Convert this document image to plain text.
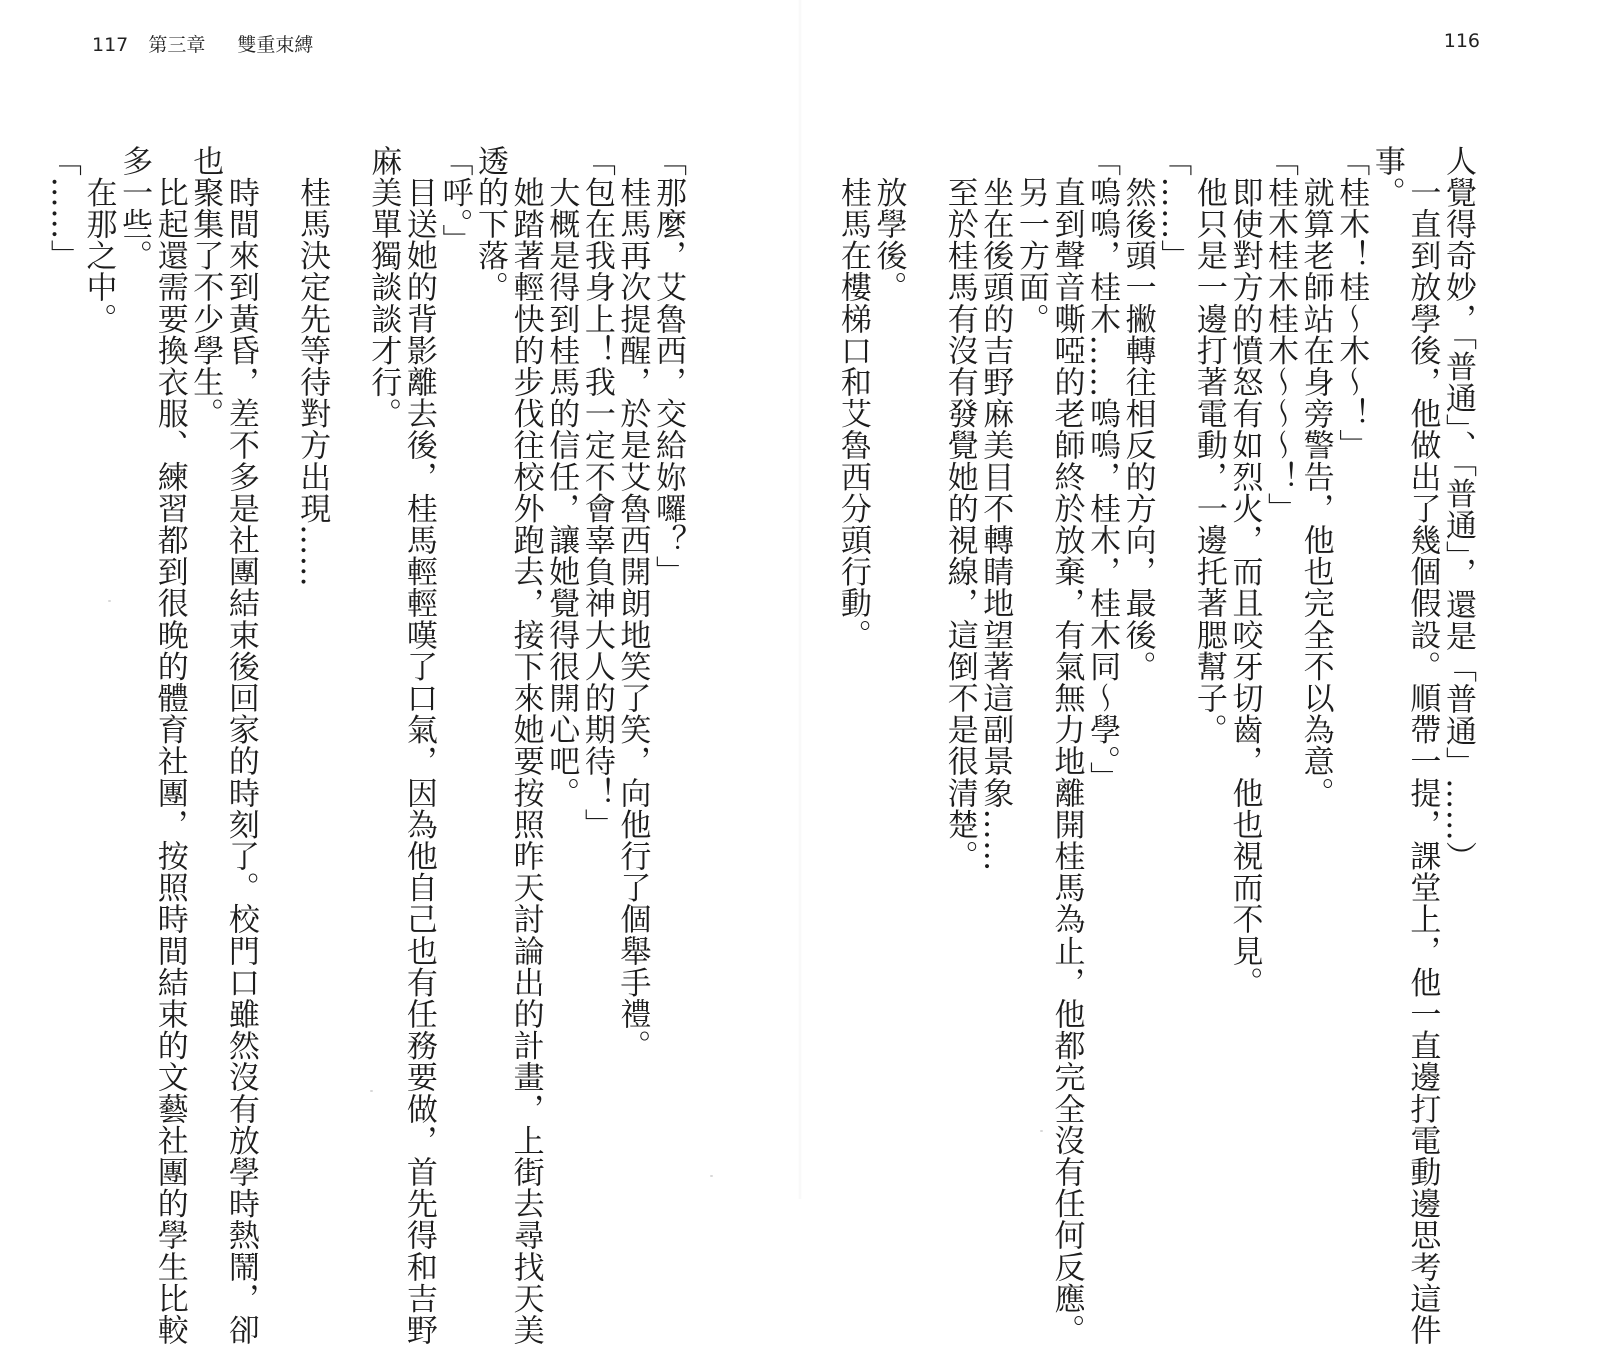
117 第三章 雙重束縛	116
人覺得奇妙，「普通」、「普通」，還是「普通」……）
　一直到放學後，他做出了幾個假設。順帶一提，課堂上，他一直邊打電動邊思考這件
事。
「桂木！桂～木～！」
　就算老師站在身旁警告，他也完全不以為意。
「桂木桂木桂木～～～！」
　即使對方的憤怒有如烈火，而且咬牙切齒，他也視而不見。
　他只是一邊打著電動，一邊托著腮幫子。
「……」
　然後頭一撇轉往相反的方向，最後。
「嗚嗚，桂木……嗚嗚，桂木，桂木同～學。」
　直到聲音嘶啞的老師終於放棄，有氣無力地離開桂馬為止，他都完全沒有任何反應。
　另一方面。
　坐在後頭的吉野麻美目不轉睛地望著這副景象……
　至於桂馬有沒有發覺她的視線，這倒不是很清楚。
　放學後。
　桂馬在樓梯口和艾魯西分頭行動。
「那麼，艾魯西，交給妳囉？」
　桂馬再次提醒，於是艾魯西開朗地笑了笑，向他行了個舉手禮。
「包在我身上！我一定不會辜負神大人的期待！」
　大概是得到桂馬的信任，讓她覺得很開心吧。
　她踏著輕快的步伐往校外跑去，接下來她要按照昨天討論出的計畫，上街去尋找天美
透的下落。
「呼。」
　目送她的背影離去後，桂馬輕輕嘆了口氣，因為他自己也有任務要做，首先得和吉野
麻美單獨談談才行。
　桂馬決定先等待對方出現……
　時間來到黃昏，差不多是社團結束後回家的時刻了。校門口雖然沒有放學時熱鬧，卻
也聚集了不少學生。
　比起還需要換衣服、練習都到很晚的體育社團，按照時間結束的文藝社團的學生比較
多一些。
　在那之中。
「……」
